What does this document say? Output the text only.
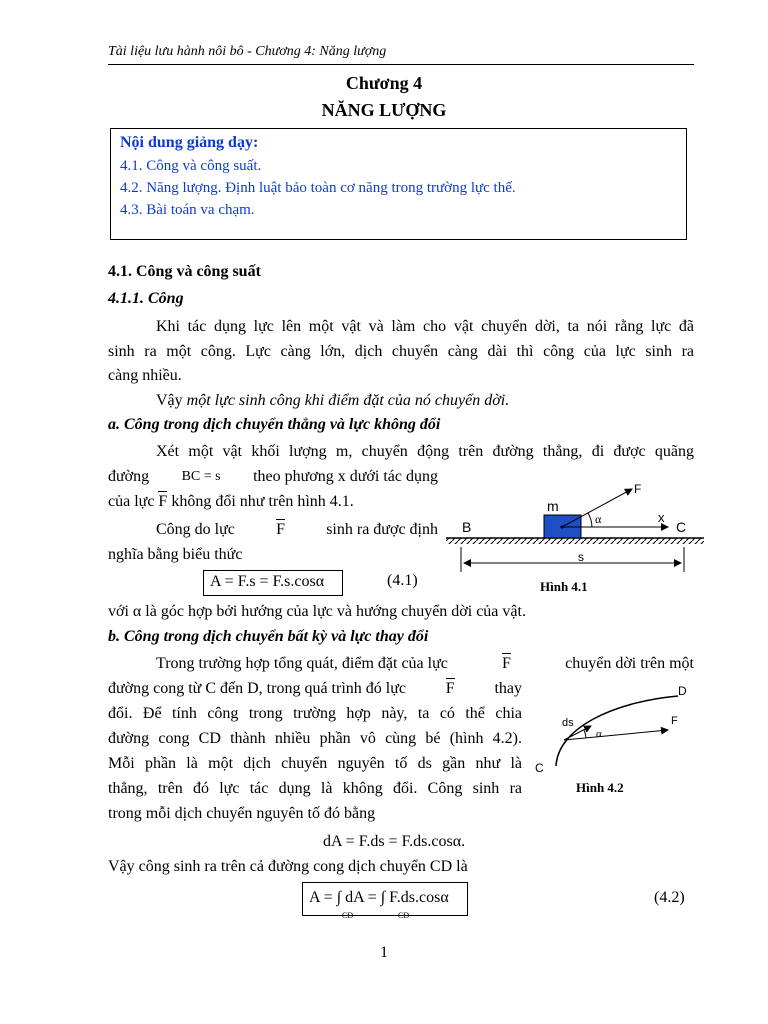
Tài liệu lưu hành nôi bô - Chương 4: Năng lượng
Chương 4
NĂNG LƯỢNG
Nội dung giảng dạy:
4.1. Công và công suất.
4.2. Năng lượng. Định luật bảo toàn cơ năng trong trường lực thế.
4.3. Bài toán va chạm.
4.1. Công và công suất
4.1.1. Công
Khi tác dụng lực lên một vật và làm cho vật chuyển dời, ta nói rằng lực đã
sinh ra một công. Lực càng lớn, dịch chuyển càng dài thì công của lực sinh ra
càng nhiều.
Vậy một lực sinh công khi điểm đặt của nó chuyển dời.
a. Công trong dịch chuyển thẳng và lực không đổi
Xét một vật khối lượng m, chuyển động trên đường thẳng, đi được quãng
đường BC = s theo phương x dưới tác dụng
của lực F không đổi như trên hình 4.1.
Công do lực	F	sinh ra được định
nghĩa bằng biểu thức
A = F.s = F.s.cosα	(4.1)
với α là góc hợp bởi hướng của lực và hướng chuyển dời của vật.
B	C
m
F
x
α
s
Hình 4.1
b. Công trong dịch chuyển bất kỳ và lực thay đổi
Trong trường hợp tổng quát, điểm đặt của lực	F	chuyển dời trên một
đường cong từ C đến D, trong quá trình đó lực F thay
đổi. Để tính công trong trường hợp này, ta có thể chia
đường cong CD thành nhiều phần vô cùng bé (hình 4.2).
Mỗi phần là một dịch chuyển nguyên tố ds gần như là
thẳng, trên đó lực tác dụng là không đổi. Công sinh ra
trong mỗi dịch chuyển nguyên tố đó bằng
dA = F.ds = F.ds.cosα.
Vậy công sinh ra trên cả đường cong dịch chuyển CD là
A = ∫ dA = ∫ F.ds.cosα
CD	CD
(4.2)
C
D
ds	F
α
Hình 4.2
1
